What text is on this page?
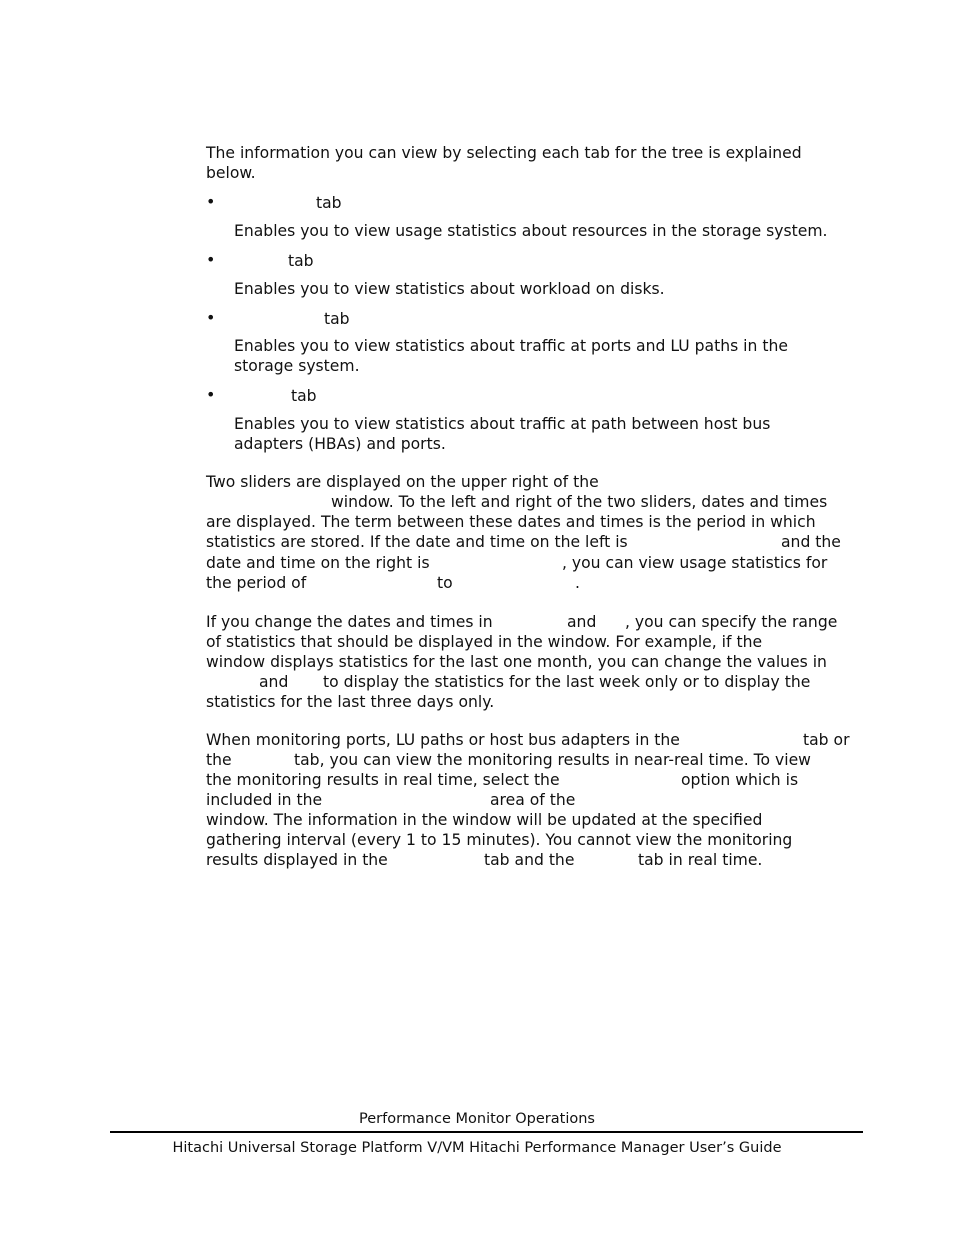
The information you can view by selecting each tab for the tree is explained
below.
•	tab
Enables you to view usage statistics about resources in the storage system.
•	tab
Enables you to view statistics about workload on disks.
•	tab
Enables you to view statistics about traffic at ports and LU paths in the
storage system.
•	tab
Enables you to view statistics about traffic at path between host bus
adapters (HBAs) and ports.
Two sliders are displayed on the upper right of the
window. To the left and right of the two sliders, dates and times
are displayed. The term between these dates and times is the period in which
statistics are stored. If the date and time on the left is	and the
date and time on the right is	, you can view usage statistics for
the period of	to	.
If you change the dates and times in	and , you can specify the range
of statistics that should be displayed in the window. For example, if the
window displays statistics for the last one month, you can change the values in
and to display the statistics for the last week only or to display the
statistics for the last three days only.
When monitoring ports, LU paths or host bus adapters in the	tab or
the	tab, you can view the monitoring results in near-real time. To view
the monitoring results in real time, select the	option which is
included in the	area of the
window. The information in the window will be updated at the specified
gathering interval (every 1 to 15 minutes). You cannot view the monitoring
results displayed in the	tab and the	tab in real time.
Performance Monitor Operations
Hitachi Universal Storage Platform V/VM Hitachi Performance Manager User’s Guide
